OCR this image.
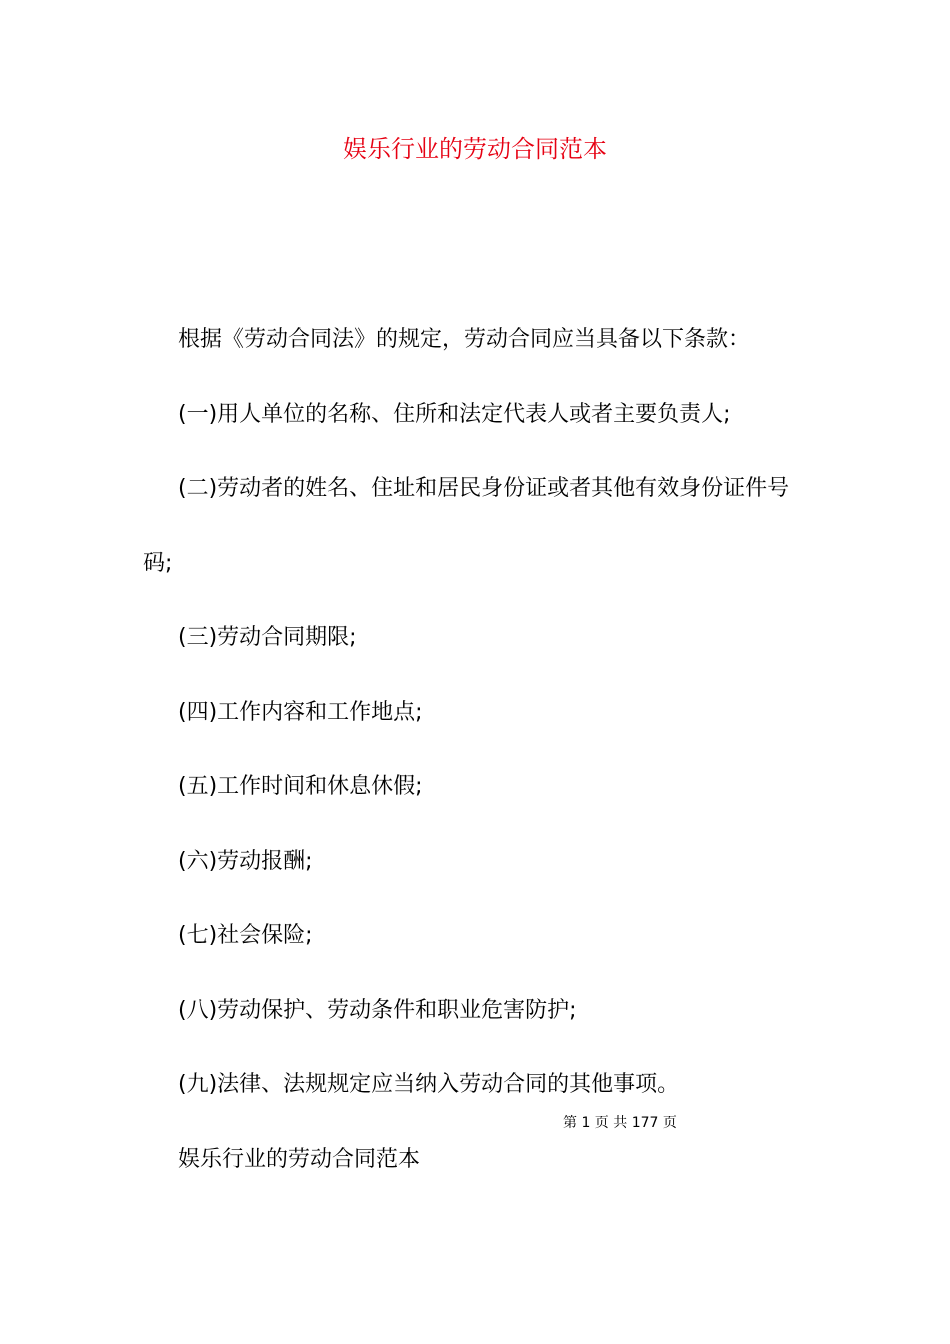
娱乐行业的劳动合同范本
根据《劳动合同法》的规定，劳动合同应当具备以下条款：
(一)用人单位的名称、住所和法定代表人或者主要负责人;
(二)劳动者的姓名、住址和居民身份证或者其他有效身份证件号
码;
(三)劳动合同期限;
(四)工作内容和工作地点;
(五)工作时间和休息休假;
(六)劳动报酬;
(七)社会保险;
(八)劳动保护、劳动条件和职业危害防护;
(九)法律、法规规定应当纳入劳动合同的其他事项。
第 1 页 共 177 页
娱乐行业的劳动合同范本
